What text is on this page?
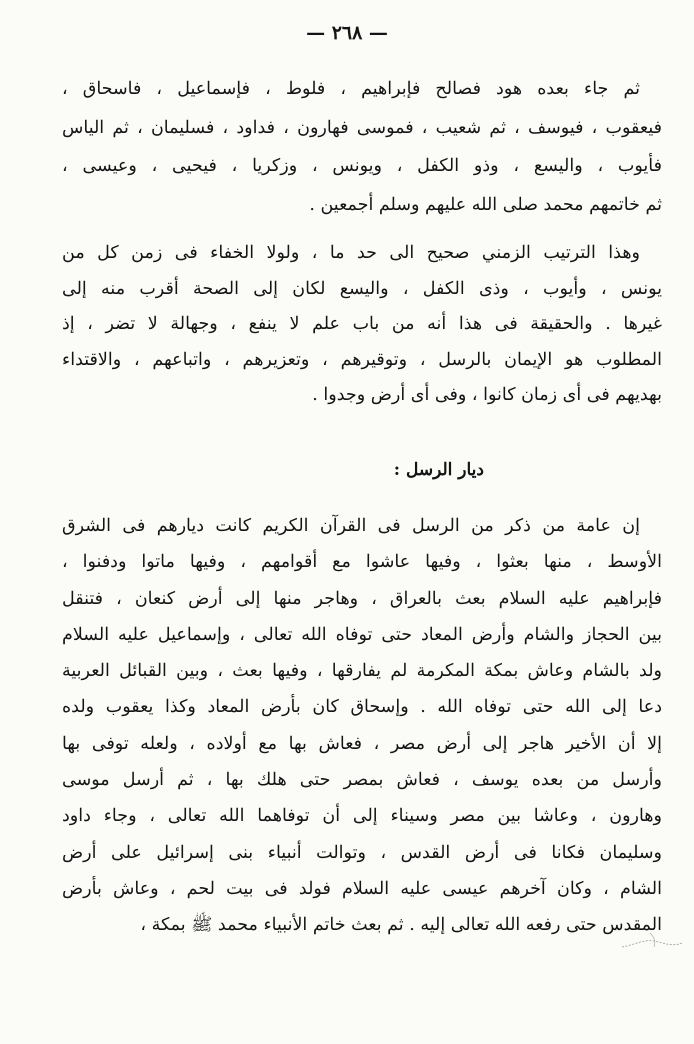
— ٢٦٨ —
ثم جاء بعده هود فصالح فإبراهيم ، فلوط ، فإسماعيل ، فاسحاق ،
فيعقوب ، فيوسف ، ثم شعيب ، فموسى فهارون ، فداود ، فسليمان ، ثم الياس
فأيوب ، واليسع ، وذو الكفل ، ويونس ، وزكريا ، فيحيى ، وعيسى ،
ثم خاتمهم محمد صلى الله عليهم وسلم أجمعين .
وهذا الترتيب الزمني صحيح الى حد ما ، ولولا الخفاء فى زمن كل من
يونس ، وأيوب ، وذى الكفل ، واليسع لكان إلى الصحة أقرب منه إلى
غيرها . والحقيقة فى هذا أنه من باب علم لا ينفع ، وجهالة لا تضر ، إذ
المطلوب هو الإيمان بالرسل ، وتوقيرهم ، وتعزيرهم ، واتباعهم ، والاقتداء
بهديهم فى أى زمان كانوا ، وفى أى أرض وجدوا .
ديار الرسل :
إن عامة من ذكر من الرسل فى القرآن الكريم كانت ديارهم فى الشرق
الأوسط ، منها بعثوا ، وفيها عاشوا مع أقوامهم ، وفيها ماتوا ودفنوا ،
فإبراهيم عليه السلام بعث بالعراق ، وهاجر منها إلى أرض كنعان ، فتنقل
بين الحجاز والشام وأرض المعاد حتى توفاه الله تعالى ، وإسماعيل عليه السلام
ولد بالشام وعاش بمكة المكرمة لم يفارقها ، وفيها بعث ، وبين القبائل العربية
دعا إلى الله حتى توفاه الله . وإسحاق كان بأرض المعاد وكذا يعقوب ولده
إلا أن الأخير هاجر إلى أرض مصر ، فعاش بها مع أولاده ، ولعله توفى بها
وأرسل من بعده يوسف ، فعاش بمصر حتى هلك بها ، ثم أرسل موسى
وهارون ، وعاشا بين مصر وسيناء إلى أن توفاهما الله تعالى ، وجاء داود
وسليمان فكانا فى أرض القدس ، وتوالت أنبياء بنى إسرائيل على أرض
الشام ، وكان آخرهم عيسى عليه السلام فولد فى بيت لحم ، وعاش بأرض
المقدس حتى رفعه الله تعالى إليه . ثم بعث خاتم الأنبياء محمد ﷺ بمكة ،
